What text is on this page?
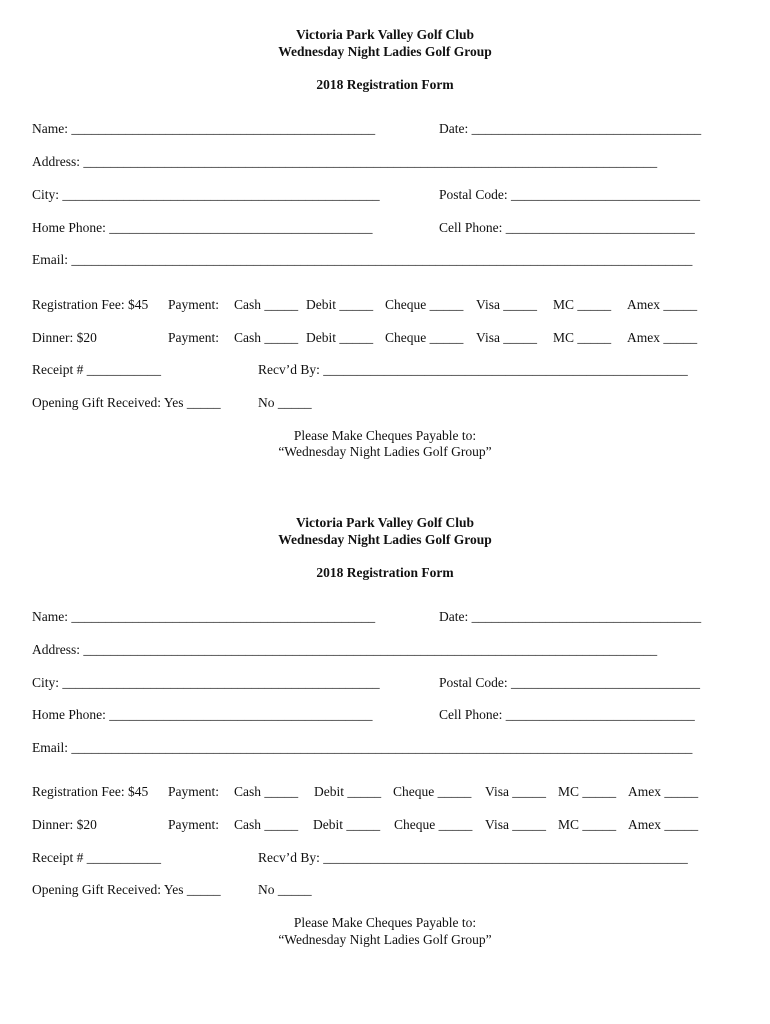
Victoria Park Valley Golf Club
Wednesday Night Ladies Golf Group
2018 Registration Form
Name: _____________________________________________	Date: __________________________________
Address: _____________________________________________________________________________________
City: _______________________________________________	Postal Code: ____________________________
Home Phone: _______________________________________	Cell Phone: ____________________________
Email: ____________________________________________________________________________________________
Registration Fee: $45 Payment: Cash _____ Debit _____ Cheque _____ Visa _____ MC _____ Amex _____
Dinner: $20	Payment: Cash _____ Debit _____ Cheque _____ Visa _____ MC _____ Amex _____
Receipt # ___________	Recv’d By: ______________________________________________________
Opening Gift Received: Yes _____	No _____
Please Make Cheques Payable to:
“Wednesday Night Ladies Golf Group”
Victoria Park Valley Golf Club
Wednesday Night Ladies Golf Group
2018 Registration Form
Name: _____________________________________________	Date: __________________________________
Address: _____________________________________________________________________________________
City: _______________________________________________	Postal Code: ____________________________
Home Phone: _______________________________________	Cell Phone: ____________________________
Email: ____________________________________________________________________________________________
Registration Fee: $45 Payment: Cash _____ Debit _____ Cheque _____ Visa _____ MC _____ Amex _____
Dinner: $20	Payment: Cash _____ Debit _____ Cheque _____ Visa _____ MC _____ Amex _____
Receipt # ___________	Recv’d By: ______________________________________________________
Opening Gift Received: Yes _____	No _____
Please Make Cheques Payable to:
“Wednesday Night Ladies Golf Group”
